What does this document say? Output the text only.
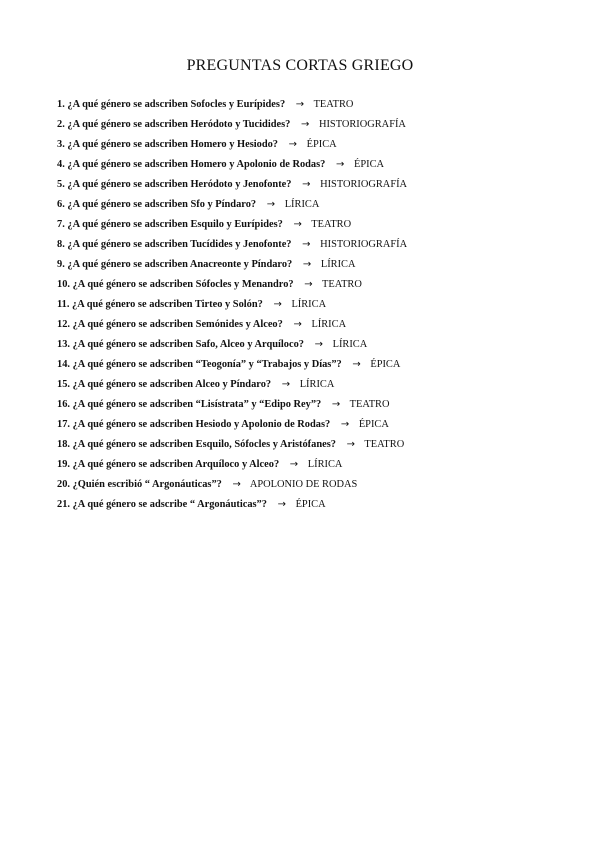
PREGUNTAS CORTAS GRIEGO
1. ¿A qué género se adscriben Sofocles y Eurípides? → TEATRO
2. ¿A qué género se adscriben Heródoto y Tucidides? → HISTORIOGRAFÍA
3. ¿A qué género se adscriben Homero y Hesiodo? → ÉPICA
4. ¿A qué género se adscriben Homero y Apolonio de Rodas? → ÉPICA
5. ¿A qué género se adscriben Heródoto y Jenofonte? → HISTORIOGRAFÍA
6. ¿A qué género se adscriben Sfo y Píndaro? → LÍRICA
7. ¿A qué género se adscriben Esquilo y Eurípides? → TEATRO
8. ¿A qué género se adscriben Tucídides y Jenofonte? → HISTORIOGRAFÍA
9. ¿A qué género se adscriben Anacreonte y Píndaro? → LÍRICA
10. ¿A qué género se adscriben Sófocles y Menandro? → TEATRO
11. ¿A qué género se adscriben Tirteo y Solón? → LÍRICA
12. ¿A qué género se adscriben Semónides y Alceo? → LÍRICA
13. ¿A qué género se adscriben Safo, Alceo y Arquíloco? → LÍRICA
14. ¿A qué género se adscriben “Teogonía” y “Trabajos y Días”? → ÉPICA
15. ¿A qué género se adscriben Alceo y Píndaro? → LÍRICA
16. ¿A qué género se adscriben “Lisístrata” y “Edipo Rey”? → TEATRO
17. ¿A qué género se adscriben Hesiodo y Apolonio de Rodas? → ÉPICA
18. ¿A qué género se adscriben Esquilo, Sófocles y Aristófanes? → TEATRO
19. ¿A qué género se adscriben Arquíloco y Alceo? → LÍRICA
20. ¿Quién escribió “ Argonáuticas”? → APOLONIO DE RODAS
21. ¿A qué género se adscribe “ Argonáuticas”? → ÉPICA
